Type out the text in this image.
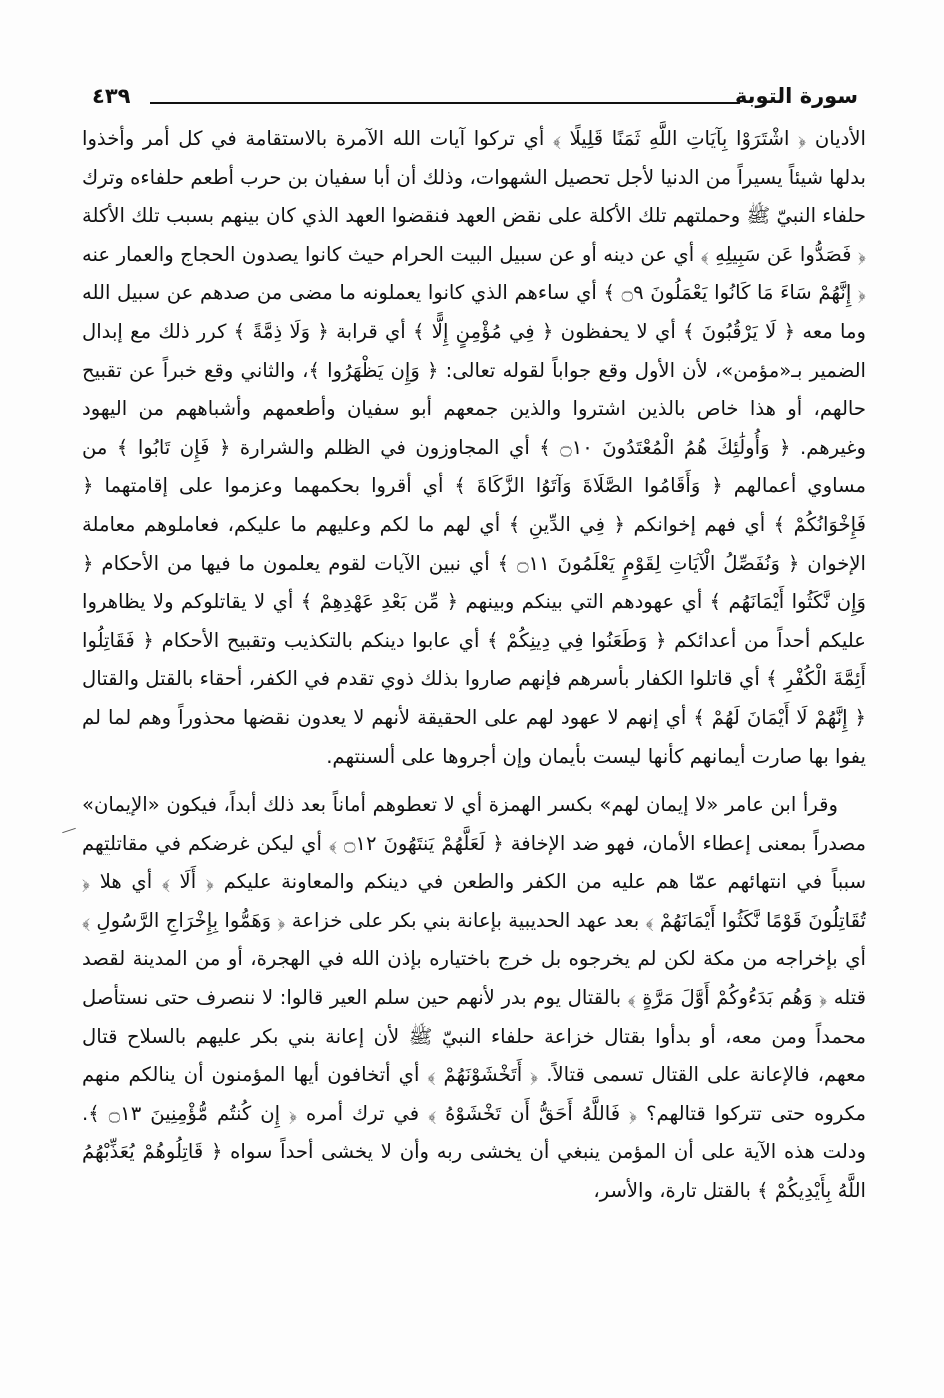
سورة التوبة
٤٣٩

الأديان ﴿ اشْتَرَوْا بِآيَاتِ اللَّهِ ثَمَنًا قَلِيلًا ﴾ أي تركوا آيات الله الآمرة بالاستقامة في كل أمر وأخذوا بدلها شيئاً يسيراً من الدنيا لأجل تحصيل الشهوات، وذلك أن أبا سفيان بن حرب أطعم حلفاءه وترك حلفاء النبيّ ﷺ وحملتهم تلك الأكلة على نقض العهد فنقضوا العهد الذي كان بينهم بسبب تلك الأكلة ﴿ فَصَدُّوا عَن سَبِيلِهِ ﴾ أي عن دينه أو عن سبيل البيت الحرام حيث كانوا يصدون الحجاج والعمار عنه ﴿ إِنَّهُمْ سَاءَ مَا كَانُوا يَعْمَلُونَ ۝٩ ﴾ أي ساءهم الذي كانوا يعملونه ما مضى من صدهم عن سبيل الله وما معه ﴿ لَا يَرْقُبُونَ ﴾ أي لا يحفظون ﴿ فِي مُؤْمِنٍ إِلًّا ﴾ أي قرابة ﴿ وَلَا ذِمَّةً ﴾ كرر ذلك مع إبدال الضمير بـ«مؤمن»، لأن الأول وقع جواباً لقوله تعالى: ﴿ وَإِن يَظْهَرُوا ﴾، والثاني وقع خبراً عن تقبيح حالهم، أو هذا خاص بالذين اشتروا والذين جمعهم أبو سفيان وأطعمهم وأشباههم من اليهود وغيرهم. ﴿ وَأُولَٰئِكَ هُمُ الْمُعْتَدُونَ ۝١٠ ﴾ أي المجاوزون في الظلم والشرارة ﴿ فَإِن تَابُوا ﴾ من مساوي أعمالهم ﴿ وَأَقَامُوا الصَّلَاةَ وَآتَوُا الزَّكَاةَ ﴾ أي أقروا بحكمهما وعزموا على إقامتهما ﴿ فَإِخْوَانُكُمْ ﴾ أي فهم إخوانكم ﴿ فِي الدِّينِ ﴾ أي لهم ما لكم وعليهم ما عليكم، فعاملوهم معاملة الإخوان ﴿ وَنُفَصِّلُ الْآيَاتِ لِقَوْمٍ يَعْلَمُونَ ۝١١ ﴾ أي نبين الآيات لقوم يعلمون ما فيها من الأحكام ﴿ وَإِن نَّكَثُوا أَيْمَانَهُم ﴾ أي عهودهم التي بينكم وبينهم ﴿ مِّن بَعْدِ عَهْدِهِمْ ﴾ أي لا يقاتلوكم ولا يظاهروا عليكم أحداً من أعدائكم ﴿ وَطَعَنُوا فِي دِينِكُمْ ﴾ أي عابوا دينكم بالتكذيب وتقبيح الأحكام ﴿ فَقَاتِلُوا أَئِمَّةَ الْكُفْرِ ﴾ أي قاتلوا الكفار بأسرهم فإنهم صاروا بذلك ذوي تقدم في الكفر، أحقاء بالقتل والقتال ﴿ إِنَّهُمْ لَا أَيْمَانَ لَهُمْ ﴾ أي إنهم لا عهود لهم على الحقيقة لأنهم لا يعدون نقضها محذوراً وهم لما لم يفوا بها صارت أيمانهم كأنها ليست بأيمان وإن أجروها على ألسنتهم.

وقرأ ابن عامر «لا إيمان لهم» بكسر الهمزة أي لا تعطوهم أماناً بعد ذلك أبداً، فيكون «الإيمان» مصدراً بمعنى إعطاء الأمان، فهو ضد الإخافة ﴿ لَعَلَّهُمْ يَنتَهُونَ ۝١٢ ﴾ أي ليكن غرضكم في مقاتلتهم سبباً في انتهائهم عمّا هم عليه من الكفر والطعن في دينكم والمعاونة عليكم ﴿ أَلَا ﴾ أي هلا ﴿ تُقَاتِلُونَ قَوْمًا نَّكَثُوا أَيْمَانَهُمْ ﴾ بعد عهد الحديبية بإعانة بني بكر على خزاعة ﴿ وَهَمُّوا بِإِخْرَاجِ الرَّسُولِ ﴾ أي بإخراجه من مكة لكن لم يخرجوه بل خرج باختياره بإذن الله في الهجرة، أو من المدينة لقصد قتله ﴿ وَهُم بَدَءُوكُمْ أَوَّلَ مَرَّةٍ ﴾ بالقتال يوم بدر لأنهم حين سلم العير قالوا: لا ننصرف حتى نستأصل محمداً ومن معه، أو بدأوا بقتال خزاعة حلفاء النبيّ ﷺ لأن إعانة بني بكر عليهم بالسلاح قتال معهم، فالإعانة على القتال تسمى قتالاً. ﴿ أَتَخْشَوْنَهُمْ ﴾ أي أتخافون أيها المؤمنون أن ينالكم منهم مكروه حتى تتركوا قتالهم؟ ﴿ فَاللَّهُ أَحَقُّ أَن تَخْشَوْهُ ﴾ في ترك أمره ﴿ إِن كُنتُم مُّؤْمِنِينَ ۝١٣ ﴾. ودلت هذه الآية على أن المؤمن ينبغي أن يخشى ربه وأن لا يخشى أحداً سواه ﴿ قَاتِلُوهُمْ يُعَذِّبْهُمُ اللَّهُ بِأَيْدِيكُمْ ﴾ بالقتل تارة، والأسر،
